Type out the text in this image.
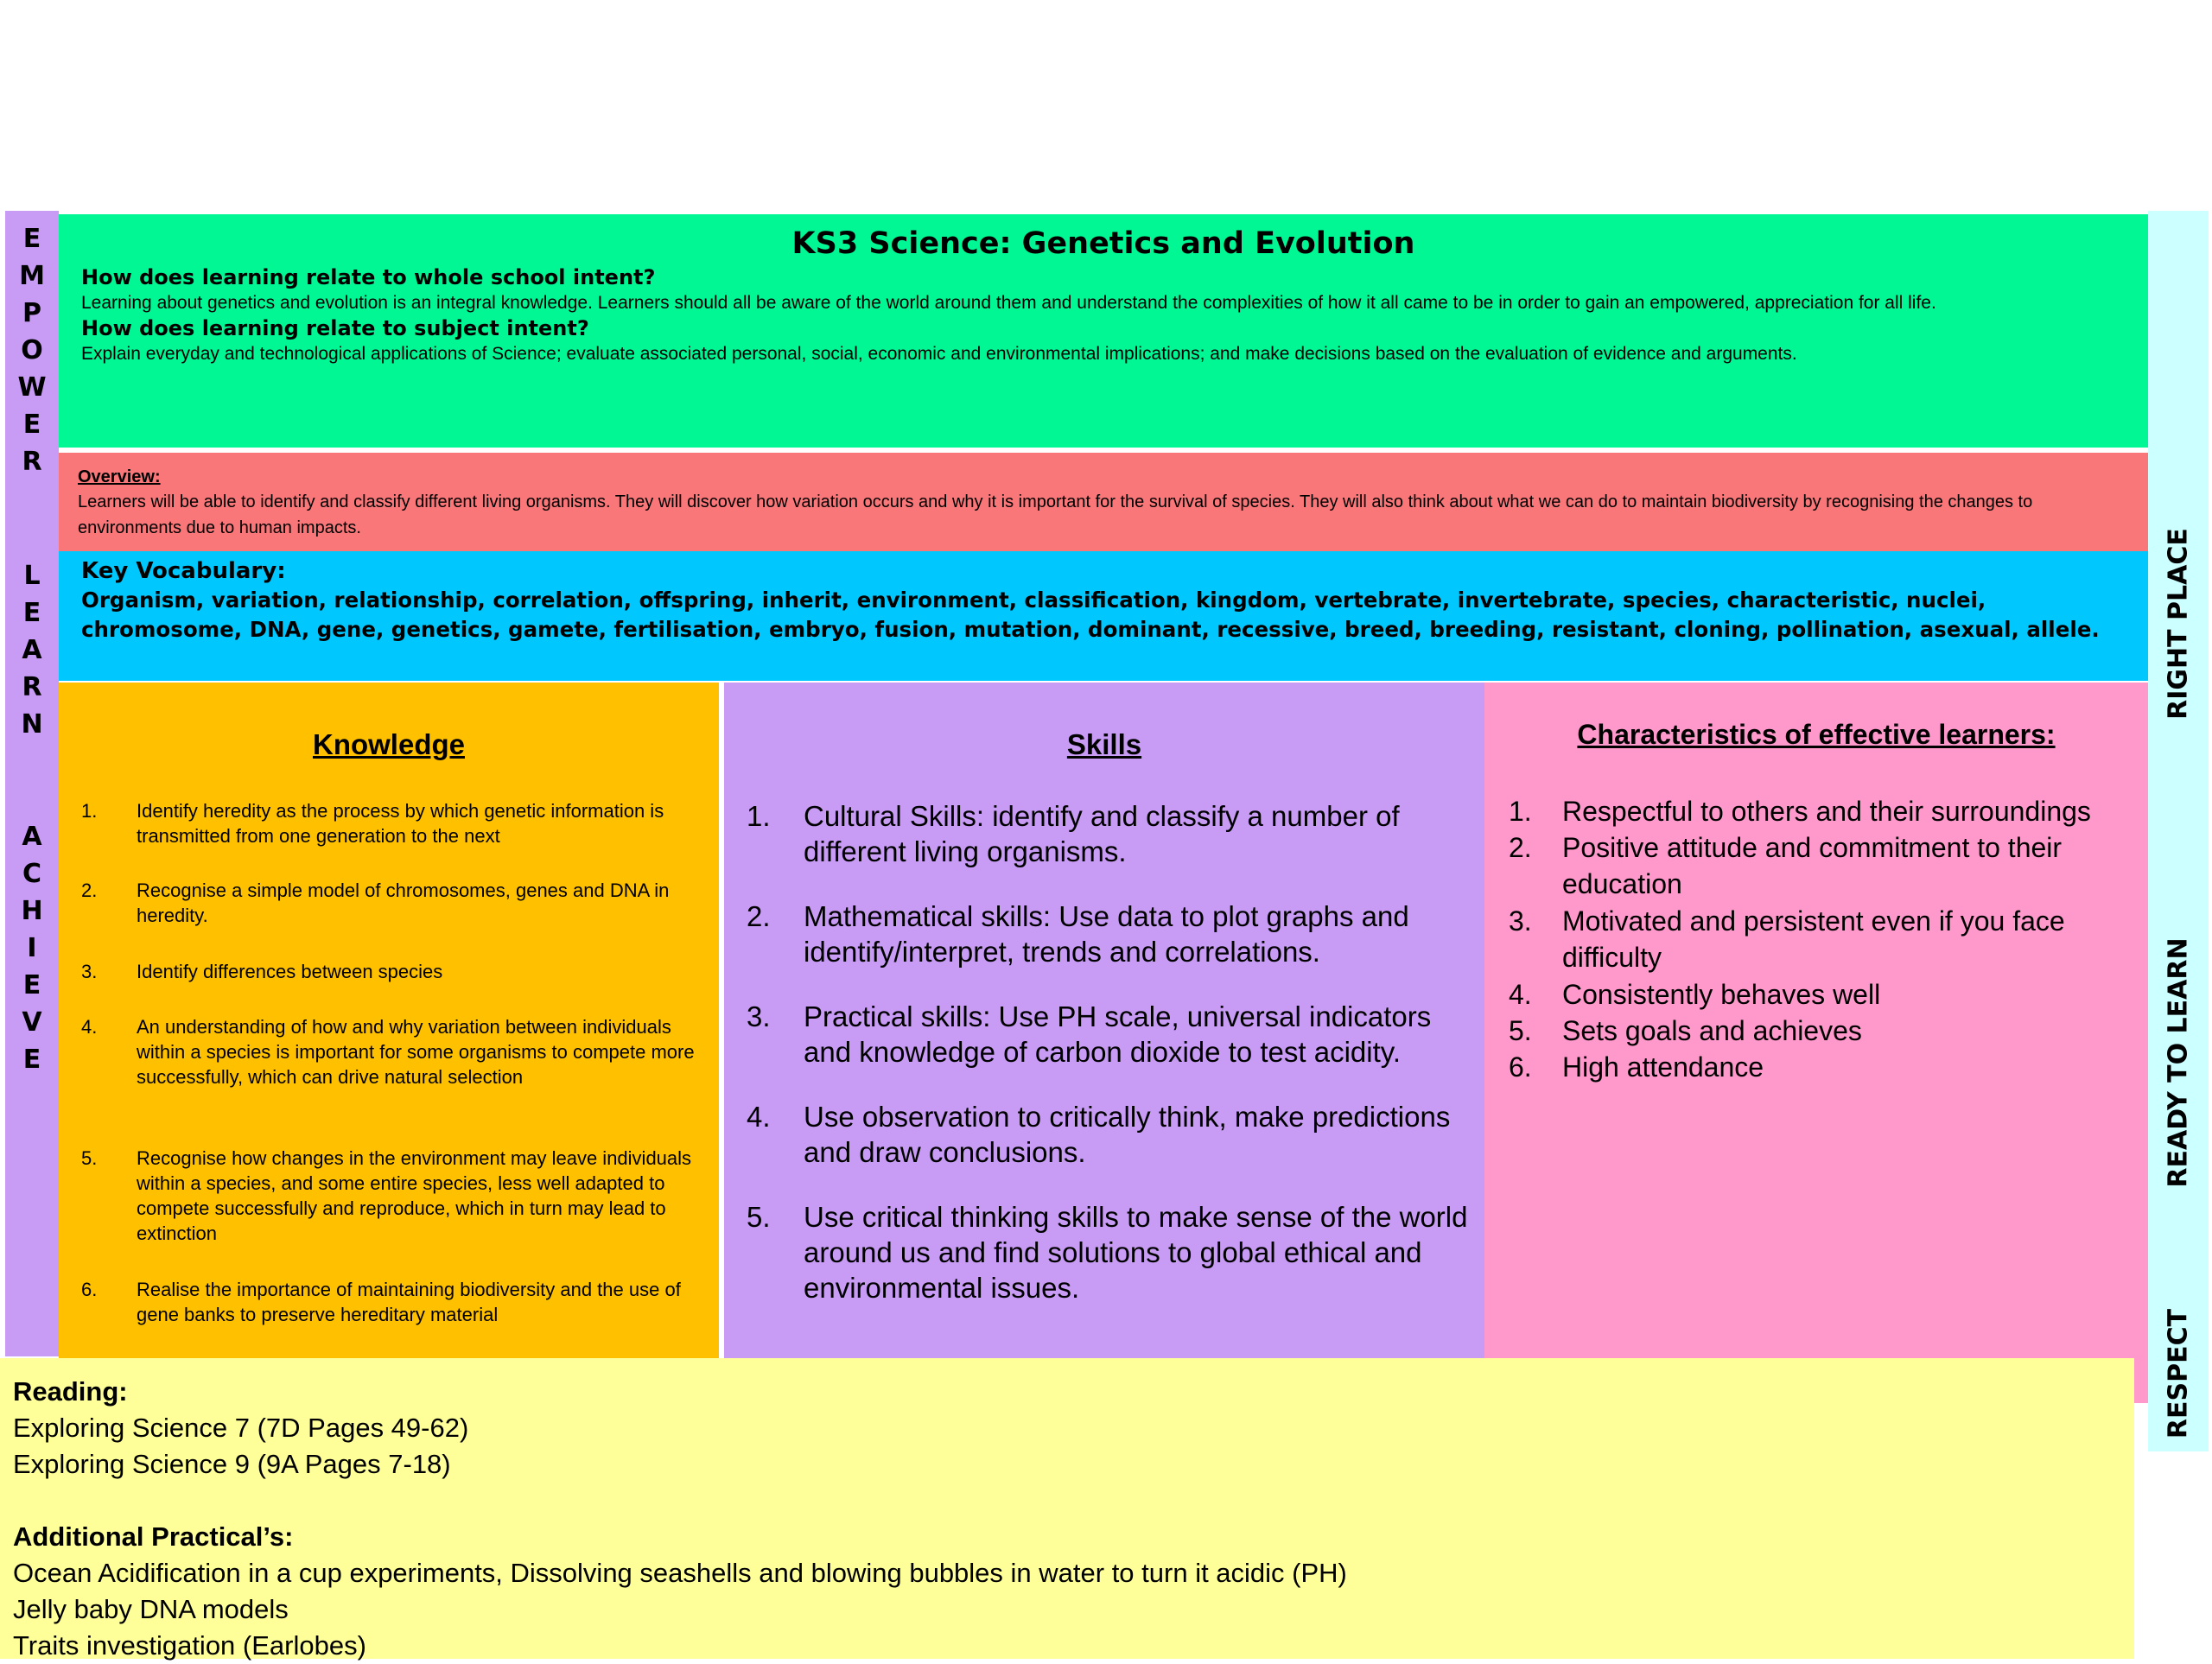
E
M
P
O
W
E
R
L
E
A
R
N
A
C
H
I
E
V
E
RIGHT PLACE
READY TO LEARN
RESPECT
KS3 Science: Genetics and Evolution
How does learning relate to whole school intent?
Learning about genetics and evolution is an integral knowledge. Learners should all be aware of the world around them and understand the complexities of how it all came to be in order to gain an empowered, appreciation for all life.
How does learning relate to subject intent?
Explain everyday and technological applications of Science; evaluate associated personal, social, economic and environmental implications; and make decisions based on the evaluation of evidence and arguments.
Overview:
Learners will be able to identify and classify different living organisms. They will discover how variation occurs and why it is important for the survival of species. They will also think about what we can do to maintain biodiversity by recognising the changes to environments due to human impacts.
Key Vocabulary:
Organism, variation, relationship, correlation, offspring, inherit, environment, classification, kingdom, vertebrate, invertebrate, species, characteristic, nuclei,
chromosome, DNA, gene, genetics, gamete, fertilisation, embryo, fusion, mutation, dominant, recessive, breed, breeding, resistant, cloning, pollination, asexual, allele.
Knowledge
1. Identify heredity as the process by which genetic information is transmitted from one generation to the next
2. Recognise a simple model of chromosomes, genes and DNA in heredity.
3. Identify differences between species
4. An understanding of how and why variation between individuals within a species is important for some organisms to compete more successfully, which can drive natural selection
5. Recognise how changes in the environment may leave individuals within a species, and some entire species, less well adapted to compete successfully and reproduce, which in turn may lead to extinction
6. Realise the importance of maintaining biodiversity and the use of gene banks to preserve hereditary material
Skills
1. Cultural Skills: identify and classify a number of different living organisms.
2. Mathematical skills: Use data to plot graphs and identify/interpret, trends and correlations.
3. Practical skills: Use PH scale, universal indicators and knowledge of carbon dioxide to test acidity.
4. Use observation to critically think, make predictions and draw conclusions.
5. Use critical thinking skills to make sense of the world around us and find solutions to global ethical and environmental issues.
Characteristics of effective learners:
1. Respectful to others and their surroundings
2. Positive attitude and commitment to their education
3. Motivated and persistent even if you face difficulty
4. Consistently behaves well
5. Sets goals and achieves
6. High attendance
Reading:
Exploring Science 7 (7D Pages 49-62)
Exploring Science 9 (9A Pages 7-18)
Additional Practical’s:
Ocean Acidification in a cup experiments, Dissolving seashells and blowing bubbles in water to turn it acidic (PH)
Jelly baby DNA models
Traits investigation (Earlobes)
